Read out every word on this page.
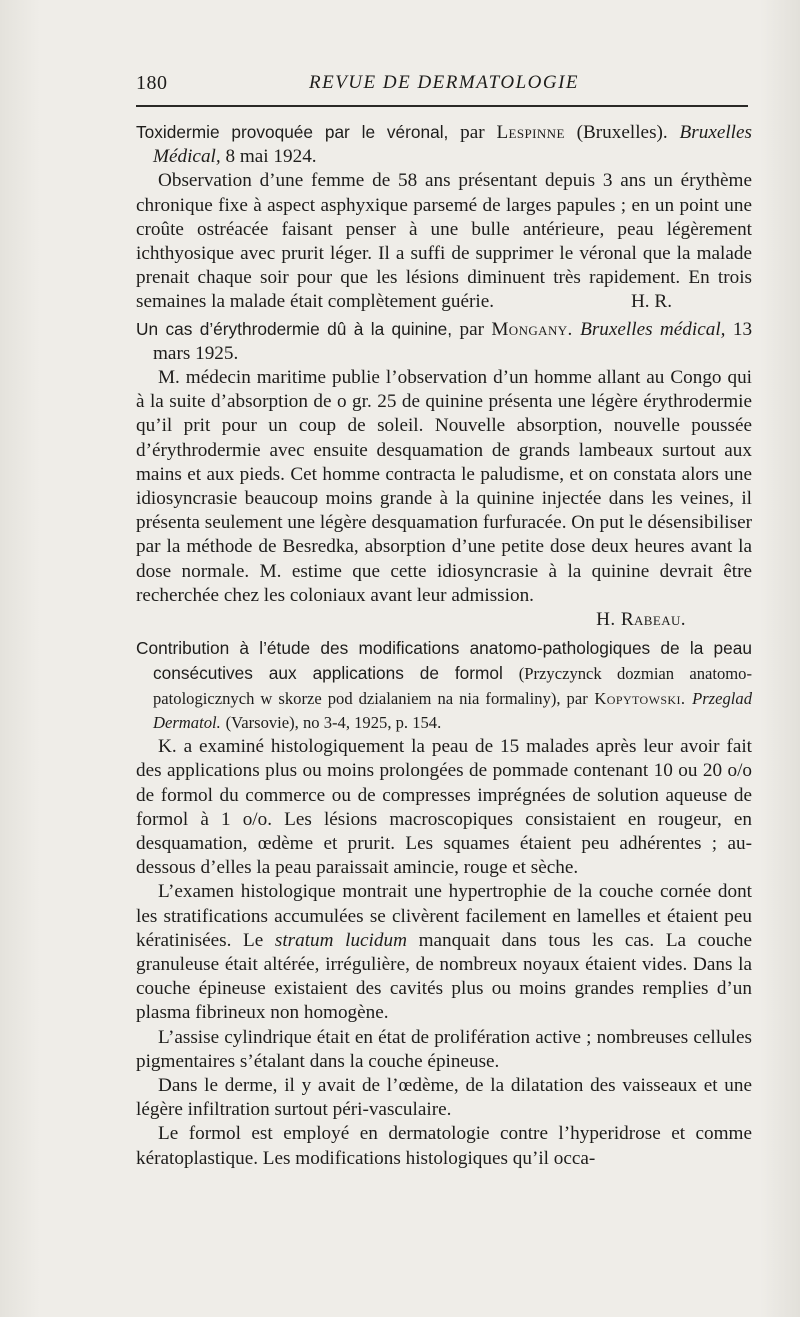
180	REVUE DE DERMATOLOGIE

Toxidermie provoquée par le véronal, par Lespinne (Bruxelles). Bruxelles Médical, 8 mai 1924.

Observation d’une femme de 58 ans présentant depuis 3 ans un érythème chronique fixe à aspect asphyxique parsemé de larges papules ; en un point une croûte ostréacée faisant penser à une bulle antérieure, peau légèrement ichthyosique avec prurit léger. Il a suffi de supprimer le véronal que la malade prenait chaque soir pour que les lésions diminuent très rapidement. En trois semaines la malade était complètement guérie.	H. R.

Un cas d’érythrodermie dû à la quinine, par Mongany. Bruxelles médical, 13 mars 1925.

M. médecin maritime publie l’observation d’un homme allant au Congo qui à la suite d’absorption de o gr. 25 de quinine présenta une légère érythrodermie qu’il prit pour un coup de soleil. Nouvelle absorption, nouvelle poussée d’érythrodermie avec ensuite desquamation de grands lambeaux surtout aux mains et aux pieds. Cet homme contracta le paludisme, et on constata alors une idiosyncrasie beaucoup moins grande à la quinine injectée dans les veines, il présenta seulement une légère desquamation furfuracée. On put le désensibiliser par la méthode de Besredka, absorption d’une petite dose deux heures avant la dose normale. M. estime que cette idiosyncrasie à la quinine devrait être recherchée chez les coloniaux avant leur admission.

H. Rabeau.

Contribution à l’étude des modifications anatomo-pathologiques de la peau consécutives aux applications de formol (Przyczynck dozmian anatomo-patologicznych w skorze pod dzialaniem na nia formaliny), par Kopytowski. Przeglad Dermatol. (Varsovie), no 3-4, 1925, p. 154.

K. a examiné histologiquement la peau de 15 malades après leur avoir fait des applications plus ou moins prolongées de pommade contenant 10 ou 20 o/o de formol du commerce ou de compresses imprégnées de solution aqueuse de formol à 1 o/o. Les lésions macroscopiques consistaient en rougeur, en desquamation, œdème et prurit. Les squames étaient peu adhérentes ; au-dessous d’elles la peau paraissait amincie, rouge et sèche.

L’examen histologique montrait une hypertrophie de la couche cornée dont les stratifications accumulées se clivèrent facilement en lamelles et étaient peu kératinisées. Le stratum lucidum manquait dans tous les cas. La couche granuleuse était altérée, irrégulière, de nombreux noyaux étaient vides. Dans la couche épineuse existaient des cavités plus ou moins grandes remplies d’un plasma fibrineux non homogène.

L’assise cylindrique était en état de prolifération active ; nombreuses cellules pigmentaires s’étalant dans la couche épineuse.

Dans le derme, il y avait de l’œdème, de la dilatation des vaisseaux et une légère infiltration surtout péri-vasculaire.

Le formol est employé en dermatologie contre l’hyperidrose et comme kératoplastique. Les modifications histologiques qu’il occa-
